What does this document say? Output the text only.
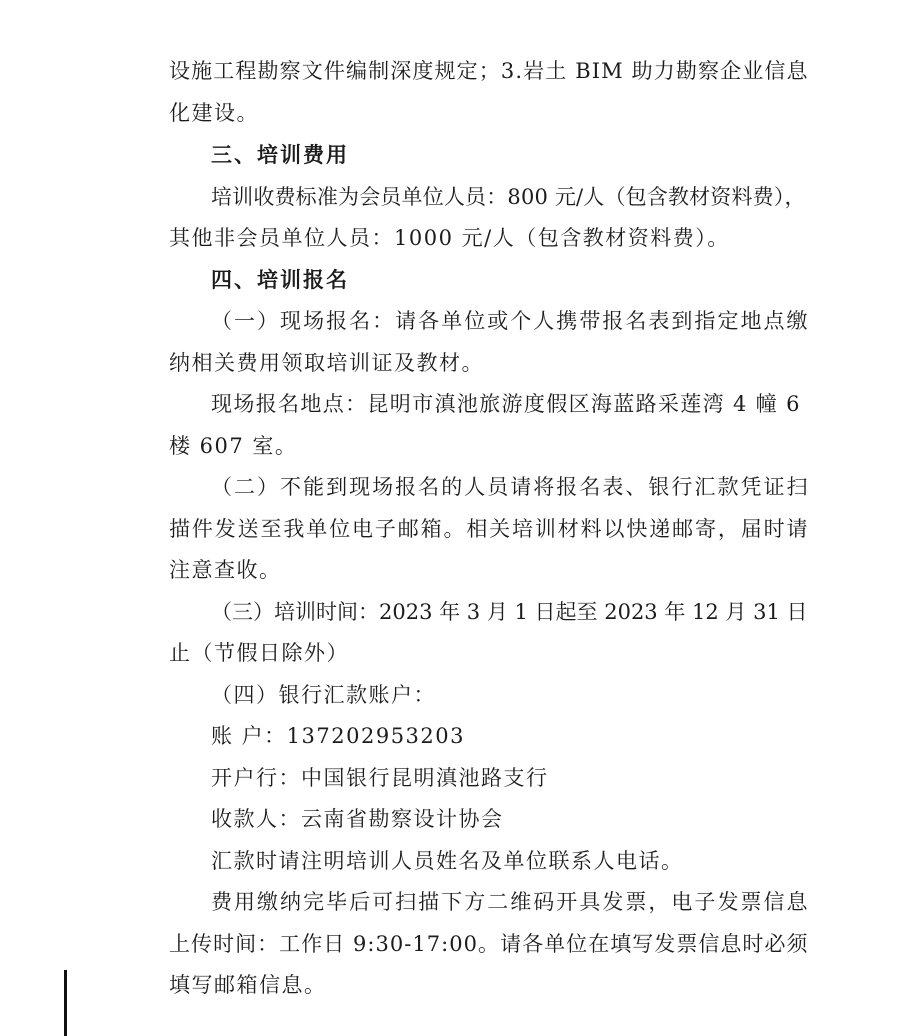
设施工程勘察文件编制深度规定；3.岩土 BIM 助力勘察企业信息
化建设。
三、培训费用
培训收费标准为会员单位人员：800 元/人（包含教材资料费），
其他非会员单位人员：1000 元/人（包含教材资料费）。
四、培训报名
（一）现场报名：请各单位或个人携带报名表到指定地点缴
纳相关费用领取培训证及教材。
现场报名地点：昆明市滇池旅游度假区海蓝路采莲湾 4 幢 6
楼 607 室。
（二）不能到现场报名的人员请将报名表、银行汇款凭证扫
描件发送至我单位电子邮箱。相关培训材料以快递邮寄，届时请
注意查收。
（三）培训时间：2023 年 3 月 1 日起至 2023 年 12 月 31 日
止（节假日除外）
（四）银行汇款账户：
账 户：137202953203
开户行：中国银行昆明滇池路支行
收款人：云南省勘察设计协会
汇款时请注明培训人员姓名及单位联系人电话。
费用缴纳完毕后可扫描下方二维码开具发票，电子发票信息
上传时间：工作日 9:30-17:00。请各单位在填写发票信息时必须
填写邮箱信息。
